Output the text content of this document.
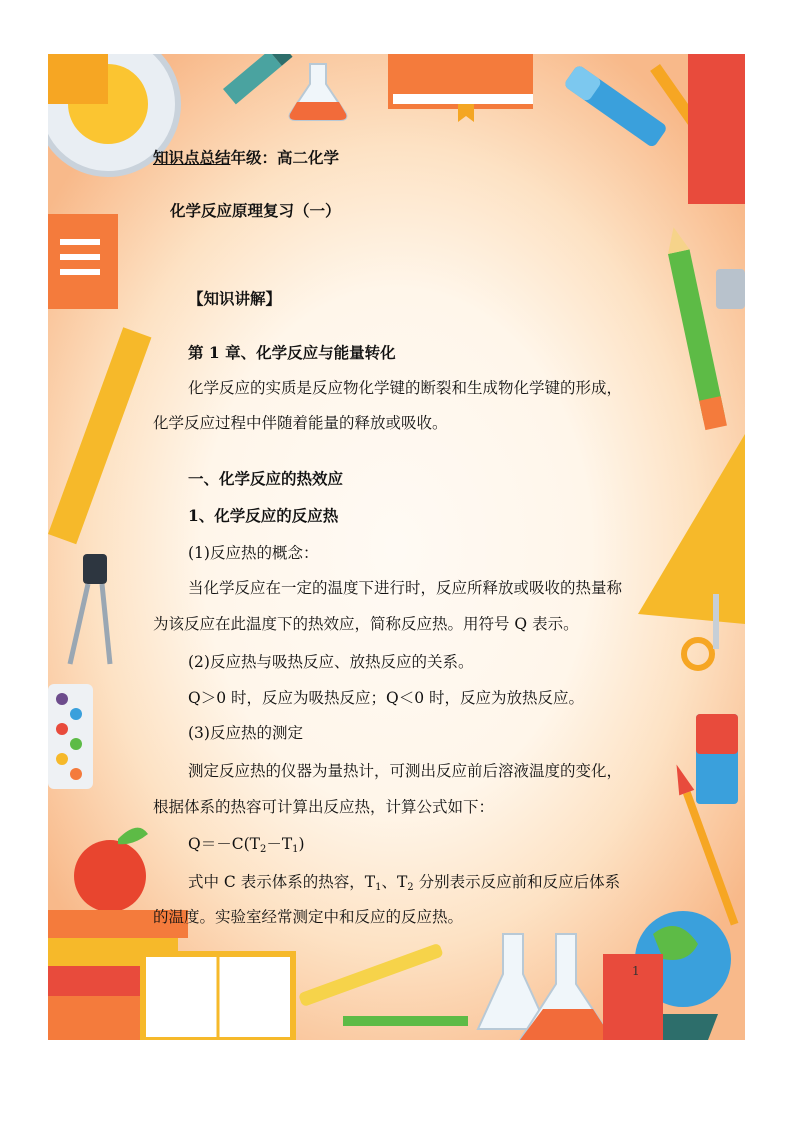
知识点总结年级：高二化学
化学反应原理复习（一）
【知识讲解】
第 1 章、化学反应与能量转化
化学反应的实质是反应物化学键的断裂和生成物化学键的形成，
化学反应过程中伴随着能量的释放或吸收。
一、化学反应的热效应
1、化学反应的反应热
(1)反应热的概念：
当化学反应在一定的温度下进行时，反应所释放或吸收的热量称
为该反应在此温度下的热效应，简称反应热。用符号 Q 表示。
(2)反应热与吸热反应、放热反应的关系。
Q＞0 时，反应为吸热反应；Q＜0 时，反应为放热反应。
(3)反应热的测定
测定反应热的仪器为量热计，可测出反应前后溶液温度的变化，
根据体系的热容可计算出反应热，计算公式如下：
$Q=-C(T_2-T_1)$
式中 C 表示体系的热容，$T_1$、$T_2$ 分别表示反应前和反应后体系
的温度。实验室经常测定中和反应的反应热。
1
